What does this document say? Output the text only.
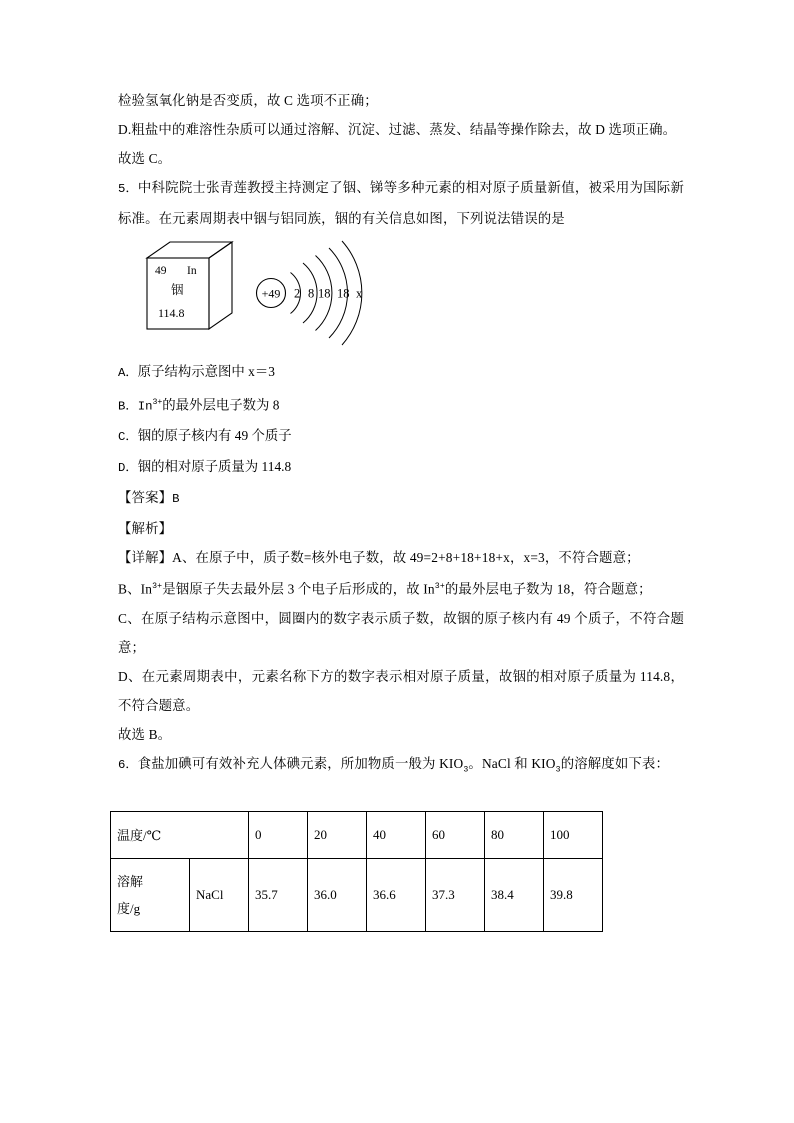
检验氢氧化钠是否变质，故 C 选项不正确；

D.粗盐中的难溶性杂质可以通过溶解、沉淀、过滤、蒸发、结晶等操作除去，故 D 选项正确。

故选 C。

5．中科院院士张青莲教授主持测定了铟、锑等多种元素的相对原子质量新值，被采用为国际新标准。在元素周期表中铟与铝同族，铟的有关信息如图，下列说法错误的是

49 In
铟
114.8
+49 2 8 18 18 x

A．原子结构示意图中 x＝3

B．$In^{3+}$的最外层电子数为 8

C．铟的原子核内有 49 个质子

D．铟的相对原子质量为 114.8

【答案】B

【解析】

【详解】A、在原子中，质子数=核外电子数，故 49=2+8+18+18+x，x=3，不符合题意；

B、$In^{3+}$是铟原子失去最外层 3 个电子后形成的，故 $In^{3+}$的最外层电子数为 18，符合题意；

C、在原子结构示意图中，圆圈内的数字表示质子数，故铟的原子核内有 49 个质子，不符合题意；

D、在元素周期表中，元素名称下方的数字表示相对原子质量，故铟的相对原子质量为 114.8，不符合题意。

故选 B。

6．食盐加碘可有效补充人体碘元素，所加物质一般为 $KIO_3$。NaCl 和 $KIO_3$的溶解度如下表：

温度/℃		0	20	40	60	80	100
溶解
度/g	NaCl	35.7	36.0	36.6	37.3	38.4	39.8
